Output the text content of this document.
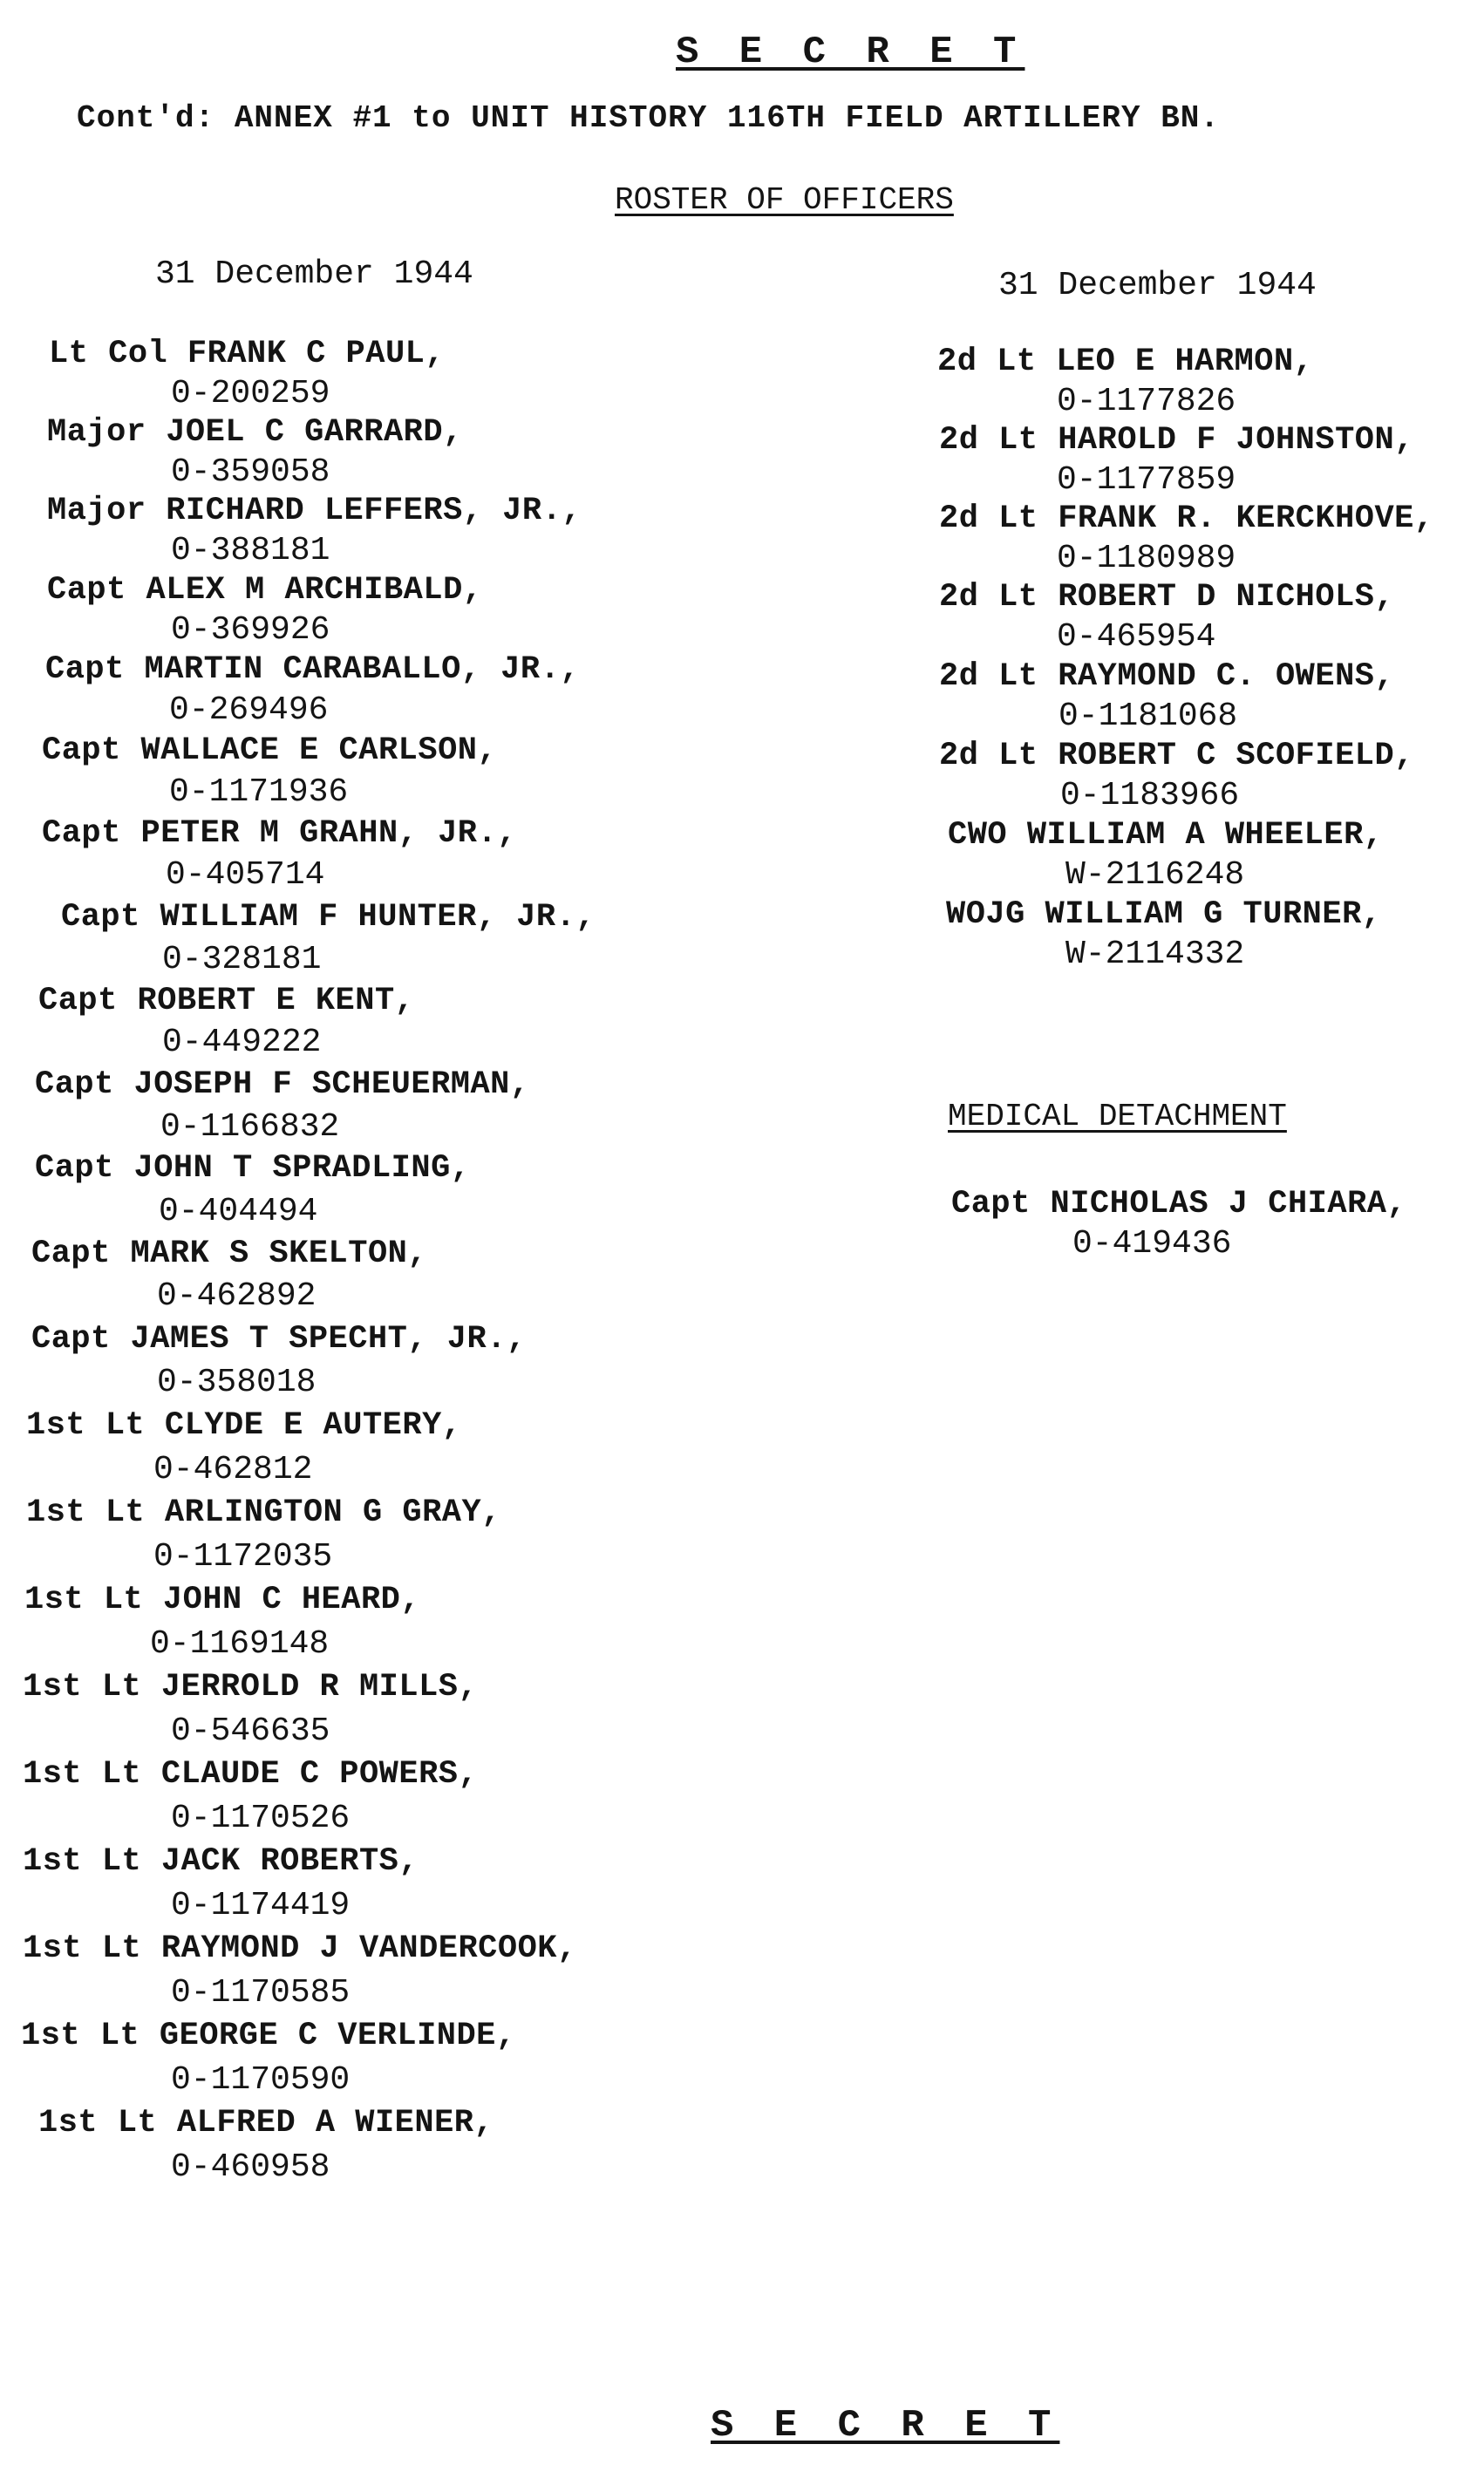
S E C R E T
Cont'd: ANNEX #1 to UNIT HISTORY 116TH FIELD ARTILLERY BN.
ROSTER OF OFFICERS
31 December 1944
Lt Col FRANK C PAUL,
0-200259
Major JOEL C GARRARD,
0-359058
Major RICHARD LEFFERS, JR.,
0-388181
Capt ALEX M ARCHIBALD,
0-369926
Capt MARTIN CARABALLO, JR.,
0-269496
Capt WALLACE E CARLSON,
0-1171936
Capt PETER M GRAHN, JR.,
0-405714
Capt WILLIAM F HUNTER, JR.,
0-328181
Capt ROBERT E KENT,
0-449222
Capt JOSEPH F SCHEUERMAN,
0-1166832
Capt JOHN T SPRADLING,
0-404494
Capt MARK S SKELTON,
0-462892
Capt JAMES T SPECHT, JR.,
0-358018
1st Lt CLYDE E AUTERY,
0-462812
1st Lt ARLINGTON G GRAY,
0-1172035
1st Lt JOHN C HEARD,
0-1169148
1st Lt JERROLD R MILLS,
0-546635
1st Lt CLAUDE C POWERS,
0-1170526
1st Lt JACK ROBERTS,
0-1174419
1st Lt RAYMOND J VANDERCOOK,
0-1170585
1st Lt GEORGE C VERLINDE,
0-1170590
1st Lt ALFRED A WIENER,
0-460958
31 December 1944
2d Lt LEO E HARMON,
0-1177826
2d Lt HAROLD F JOHNSTON,
0-1177859
2d Lt FRANK R. KERCKHOVE,
0-1180989
2d Lt ROBERT D NICHOLS,
0-465954
2d Lt RAYMOND C. OWENS,
0-1181068
2d Lt ROBERT C SCOFIELD,
0-1183966
CWO WILLIAM A WHEELER,
W-2116248
WOJG WILLIAM G TURNER,
W-2114332
MEDICAL DETACHMENT
Capt NICHOLAS J CHIARA,
0-419436
S E C R E T
